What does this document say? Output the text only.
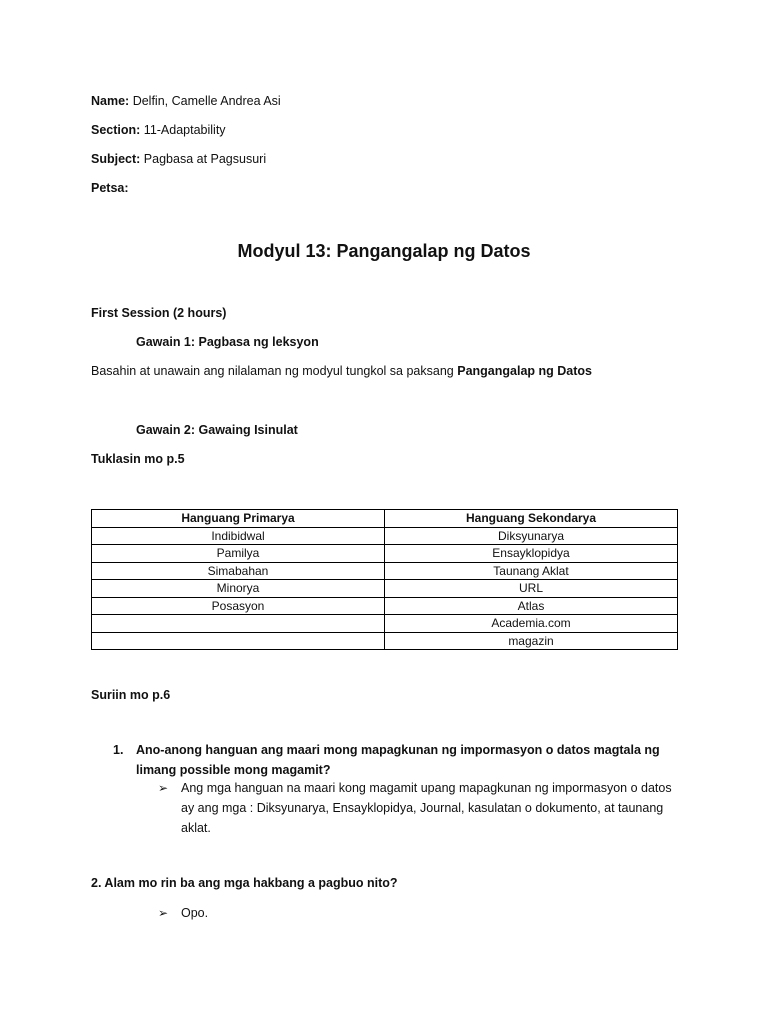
Name: Delfin, Camelle Andrea Asi
Section: 11-Adaptability
Subject: Pagbasa at Pagsusuri
Petsa:
Modyul 13: Pangangalap ng Datos
First Session (2 hours)
Gawain 1: Pagbasa ng leksyon
Basahin at unawain ang nilalaman ng modyul tungkol sa paksang Pangangalap ng Datos
Gawain 2: Gawaing Isinulat
Tuklasin mo p.5
Hanguang Primarya	Hanguang Sekondarya
Indibidwal	Diksyunarya
Pamilya	Ensayklopidya
Simabahan	Taunang Aklat
Minorya	URL
Posasyon	Atlas
	Academia.com
	magazin
Suriin mo p.6
1. Ano-anong hanguan ang maari mong mapagkunan ng impormasyon o datos magtala ng limang possible mong magamit?
➢ Ang mga hanguan na maari kong magamit upang mapagkunan ng impormasyon o datos ay ang mga : Diksyunarya, Ensayklopidya, Journal, kasulatan o dokumento, at taunang aklat.
2. Alam mo rin ba ang mga hakbang a pagbuo nito?
➢ Opo.
